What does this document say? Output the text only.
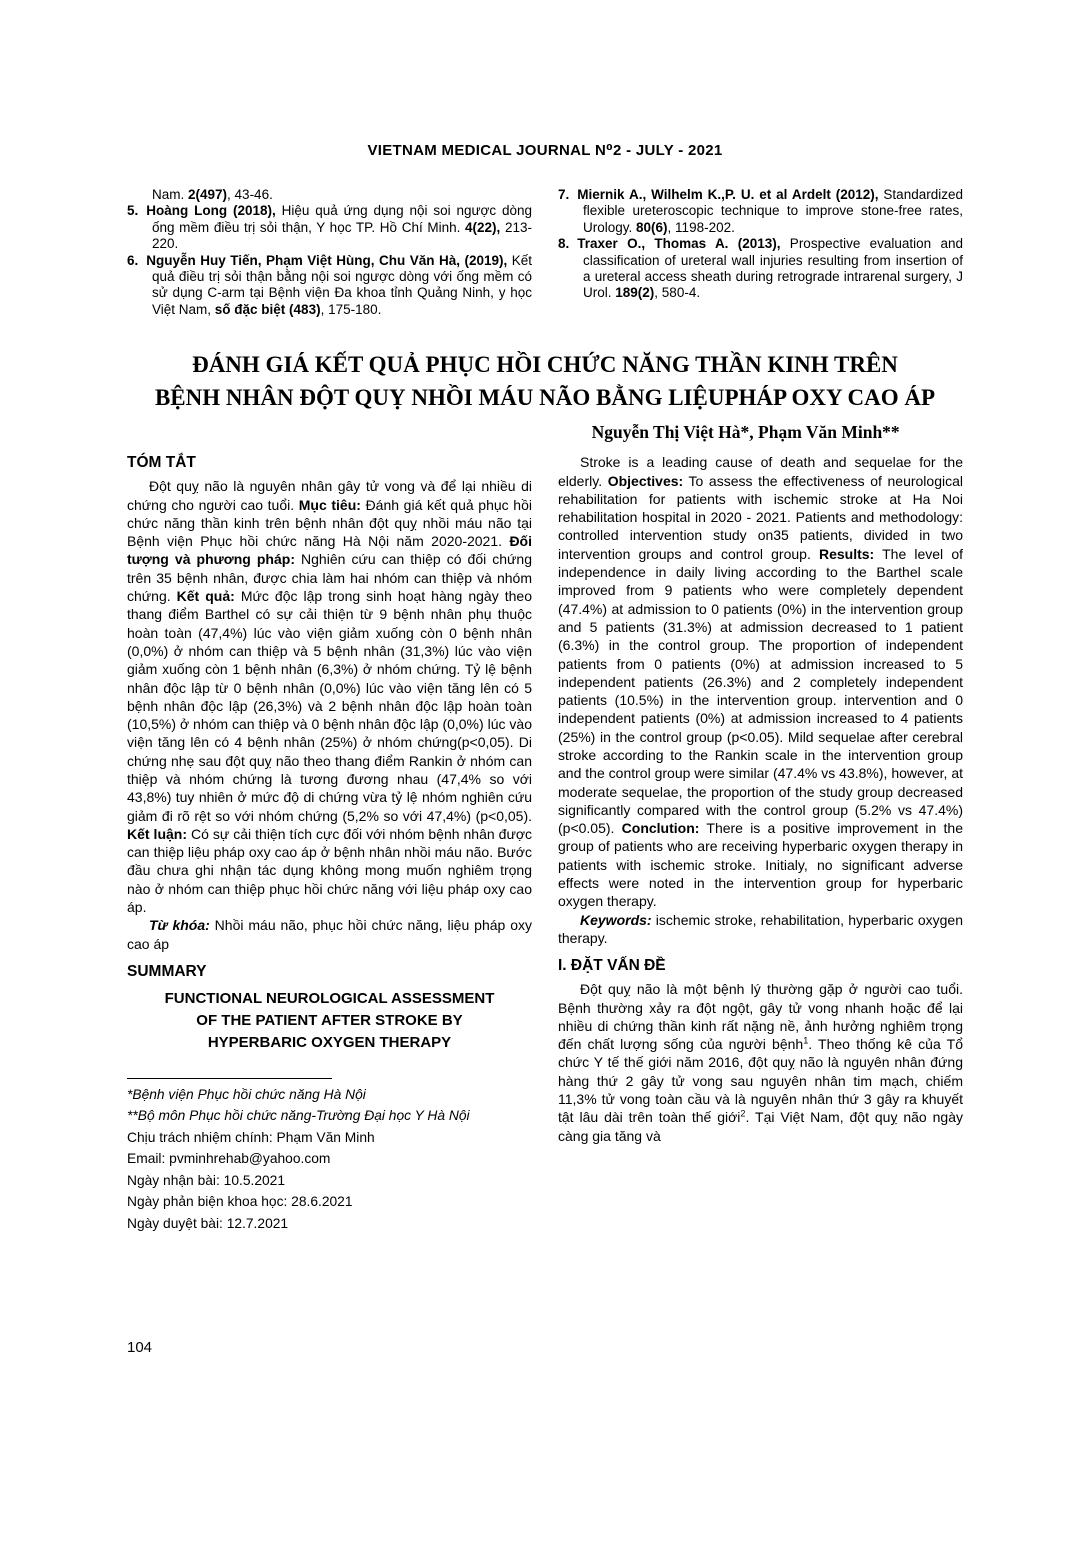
VIETNAM MEDICAL JOURNAL N⁰2 - JULY - 2021
Nam. 2(497), 43-46.
5. Hoàng Long (2018), Hiệu quả ứng dụng nội soi ngược dòng ống mềm điều trị sỏi thận, Y học TP. Hồ Chí Minh. 4(22), 213-220.
6. Nguyễn Huy Tiến, Phạm Việt Hùng, Chu Văn Hà, (2019), Kết quả điều trị sỏi thận bằng nội soi ngược dòng với ống mềm có sử dụng C-arm tại Bệnh viện Đa khoa tỉnh Quảng Ninh, y học Việt Nam, số đặc biệt (483), 175-180.
7. Miernik A., Wilhelm K.,P. U. et al Ardelt (2012), Standardized flexible ureteroscopic technique to improve stone-free rates, Urology. 80(6), 1198-202.
8. Traxer O., Thomas A. (2013), Prospective evaluation and classification of ureteral wall injuries resulting from insertion of a ureteral access sheath during retrograde intrarenal surgery, J Urol. 189(2), 580-4.
ĐÁNH GIÁ KẾT QUẢ PHỤC HỒI CHỨC NĂNG THẦN KINH TRÊN
BỆNH NHÂN ĐỘT QUỴ NHỒI MÁU NÃO BẰNG LIỆUPHÁP OXY CAO ÁP
Nguyễn Thị Việt Hà*, Phạm Văn Minh**
TÓM TẮT

Đột quỵ não là nguyên nhân gây tử vong và để lại nhiều di chứng cho người cao tuổi. Mục tiêu: Đánh giá kết quả phục hồi chức năng thần kinh trên bệnh nhân đột quỵ nhồi máu não tại Bệnh viện Phục hồi chức năng Hà Nội năm 2020-2021. Đối tượng và phương pháp: Nghiên cứu can thiệp có đối chứng trên 35 bệnh nhân, được chia làm hai nhóm can thiệp và nhóm chứng. Kết quả: Mức độc lập trong sinh hoạt hàng ngày theo thang điểm Barthel có sự cải thiện từ 9 bệnh nhân phụ thuộc hoàn toàn (47,4%) lúc vào viện giảm xuống còn 0 bệnh nhân (0,0%) ở nhóm can thiệp và 5 bệnh nhân (31,3%) lúc vào viện giảm xuống còn 1 bệnh nhân (6,3%) ở nhóm chứng. Tỷ lệ bệnh nhân độc lập từ 0 bệnh nhân (0,0%) lúc vào viện tăng lên có 5 bệnh nhân độc lập (26,3%) và 2 bệnh nhân độc lập hoàn toàn (10,5%) ở nhóm can thiệp và 0 bệnh nhân độc lập (0,0%) lúc vào viện tăng lên có 4 bệnh nhân (25%) ở nhóm chứng(p<0,05). Di chứng nhẹ sau đột quỵ não theo thang điểm Rankin ở nhóm can thiệp và nhóm chứng là tương đương nhau (47,4% so với 43,8%) tuy nhiên ở mức độ di chứng vừa tỷ lệ nhóm nghiên cứu giảm đi rõ rệt so với nhóm chứng (5,2% so với 47,4%) (p<0,05). Kết luận: Có sự cải thiện tích cực đối với nhóm bệnh nhân được can thiệp liệu pháp oxy cao áp ở bệnh nhân nhồi máu não. Bước đầu chưa ghi nhận tác dụng không mong muốn nghiêm trọng nào ở nhóm can thiệp phục hồi chức năng với liệu pháp oxy cao áp.

Từ khóa: Nhồi máu não, phục hồi chức năng, liệu pháp oxy cao áp

SUMMARY
FUNCTIONAL NEUROLOGICAL ASSESSMENT
OF THE PATIENT AFTER STROKE BY
HYPERBARIC OXYGEN THERAPY
*Bệnh viện Phục hồi chức năng Hà Nội
**Bộ môn Phục hồi chức năng-Trường Đại học Y Hà Nội
Chịu trách nhiệm chính: Phạm Văn Minh
Email: pvminhrehab@yahoo.com
Ngày nhận bài: 10.5.2021
Ngày phản biện khoa học: 28.6.2021
Ngày duyệt bài: 12.7.2021

Stroke is a leading cause of death and sequelae for the elderly. Objectives: To assess the effectiveness of neurological rehabilitation for patients with ischemic stroke at Ha Noi rehabilitation hospital in 2020 - 2021. Patients and methodology: controlled intervention study on35 patients, divided in two intervention groups and control group. Results: The level of independence in daily living according to the Barthel scale improved from 9 patients who were completely dependent (47.4%) at admission to 0 patients (0%) in the intervention group and 5 patients (31.3%) at admission decreased to 1 patient (6.3%) in the control group. The proportion of independent patients from 0 patients (0%) at admission increased to 5 independent patients (26.3%) and 2 completely independent patients (10.5%) in the intervention group. intervention and 0 independent patients (0%) at admission increased to 4 patients (25%) in the control group (p<0.05). Mild sequelae after cerebral stroke according to the Rankin scale in the intervention group and the control group were similar (47.4% vs 43.8%), however, at moderate sequelae, the proportion of the study group decreased significantly compared with the control group (5.2% vs 47.4%) (p<0.05). Conclution: There is a positive improvement in the group of patients who are receiving hyperbaric oxygen therapy in patients with ischemic stroke. Initialy, no significant adverse effects were noted in the intervention group for hyperbaric oxygen therapy.

Keywords: ischemic stroke, rehabilitation, hyperbaric oxygen therapy.

I. ĐẶT VẤN ĐỀ

Đột quỵ não là một bệnh lý thường gặp ở người cao tuổi. Bệnh thường xảy ra đột ngột, gây tử vong nhanh hoặc để lại nhiều di chứng thần kinh rất nặng nề, ảnh hưởng nghiêm trọng đến chất lượng sống của người bệnh$^1$. Theo thống kê của Tổ chức Y tế thế giới năm 2016, đột quỵ não là nguyên nhân đứng hàng thứ 2 gây tử vong sau nguyên nhân tim mạch, chiếm 11,3% tử vong toàn cầu và là nguyên nhân thứ 3 gây ra khuyết tật lâu dài trên toàn thế giới$^2$. Tại Việt Nam, đột quỵ não ngày càng gia tăng và

104
